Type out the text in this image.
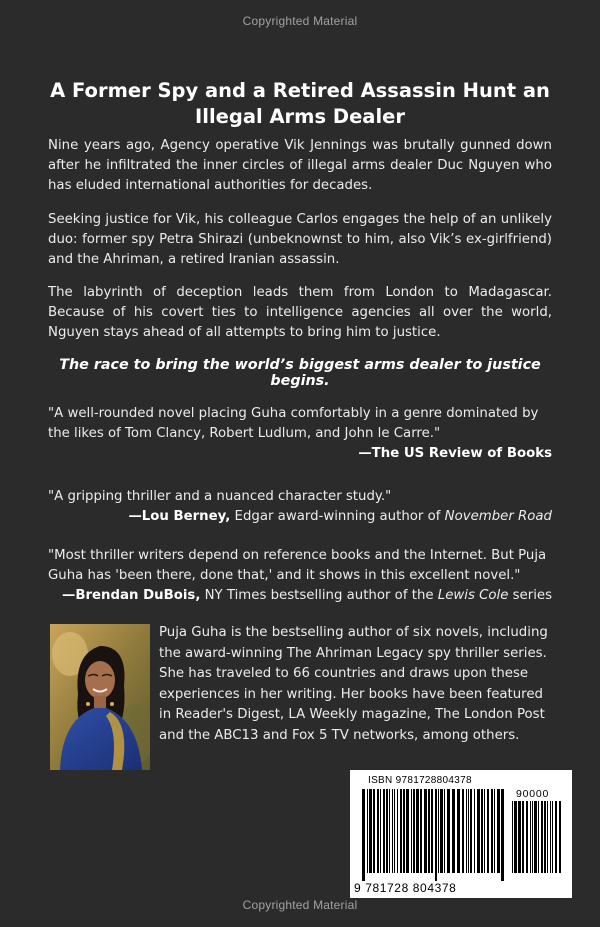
Copyrighted Material
A Former Spy and a Retired Assassin Hunt an Illegal Arms Dealer
Nine years ago, Agency operative Vik Jennings was brutally gunned down after he infiltrated the inner circles of illegal arms dealer Duc Nguyen who has eluded international authorities for decades.
Seeking justice for Vik, his colleague Carlos engages the help of an unlikely duo: former spy Petra Shirazi (unbeknownst to him, also Vik’s ex-girlfriend) and the Ahriman, a retired Iranian assassin.
The labyrinth of deception leads them from London to Madagascar. Because of his covert ties to intelligence agencies all over the world, Nguyen stays ahead of all attempts to bring him to justice.
The race to bring the world’s biggest arms dealer to justice begins.
"A well-rounded novel placing Guha comfortably in a genre dominated by the likes of Tom Clancy, Robert Ludlum, and John le Carre."
—The US Review of Books
"A gripping thriller and a nuanced character study."
—Lou Berney, Edgar award-winning author of November Road
"Most thriller writers depend on reference books and the Internet. But Puja Guha has 'been there, done that,' and it shows in this excellent novel."
—Brendan DuBois, NY Times bestselling author of the Lewis Cole series
Puja Guha is the bestselling author of six novels, including the award-winning The Ahriman Legacy spy thriller series. She has traveled to 66 countries and draws upon these experiences in her writing. Her books have been featured in Reader's Digest, LA Weekly magazine, The London Post and the ABC13 and Fox 5 TV networks, among others.
ISBN 9781728804378
90000
9 781728 804378
Copyrighted Material
